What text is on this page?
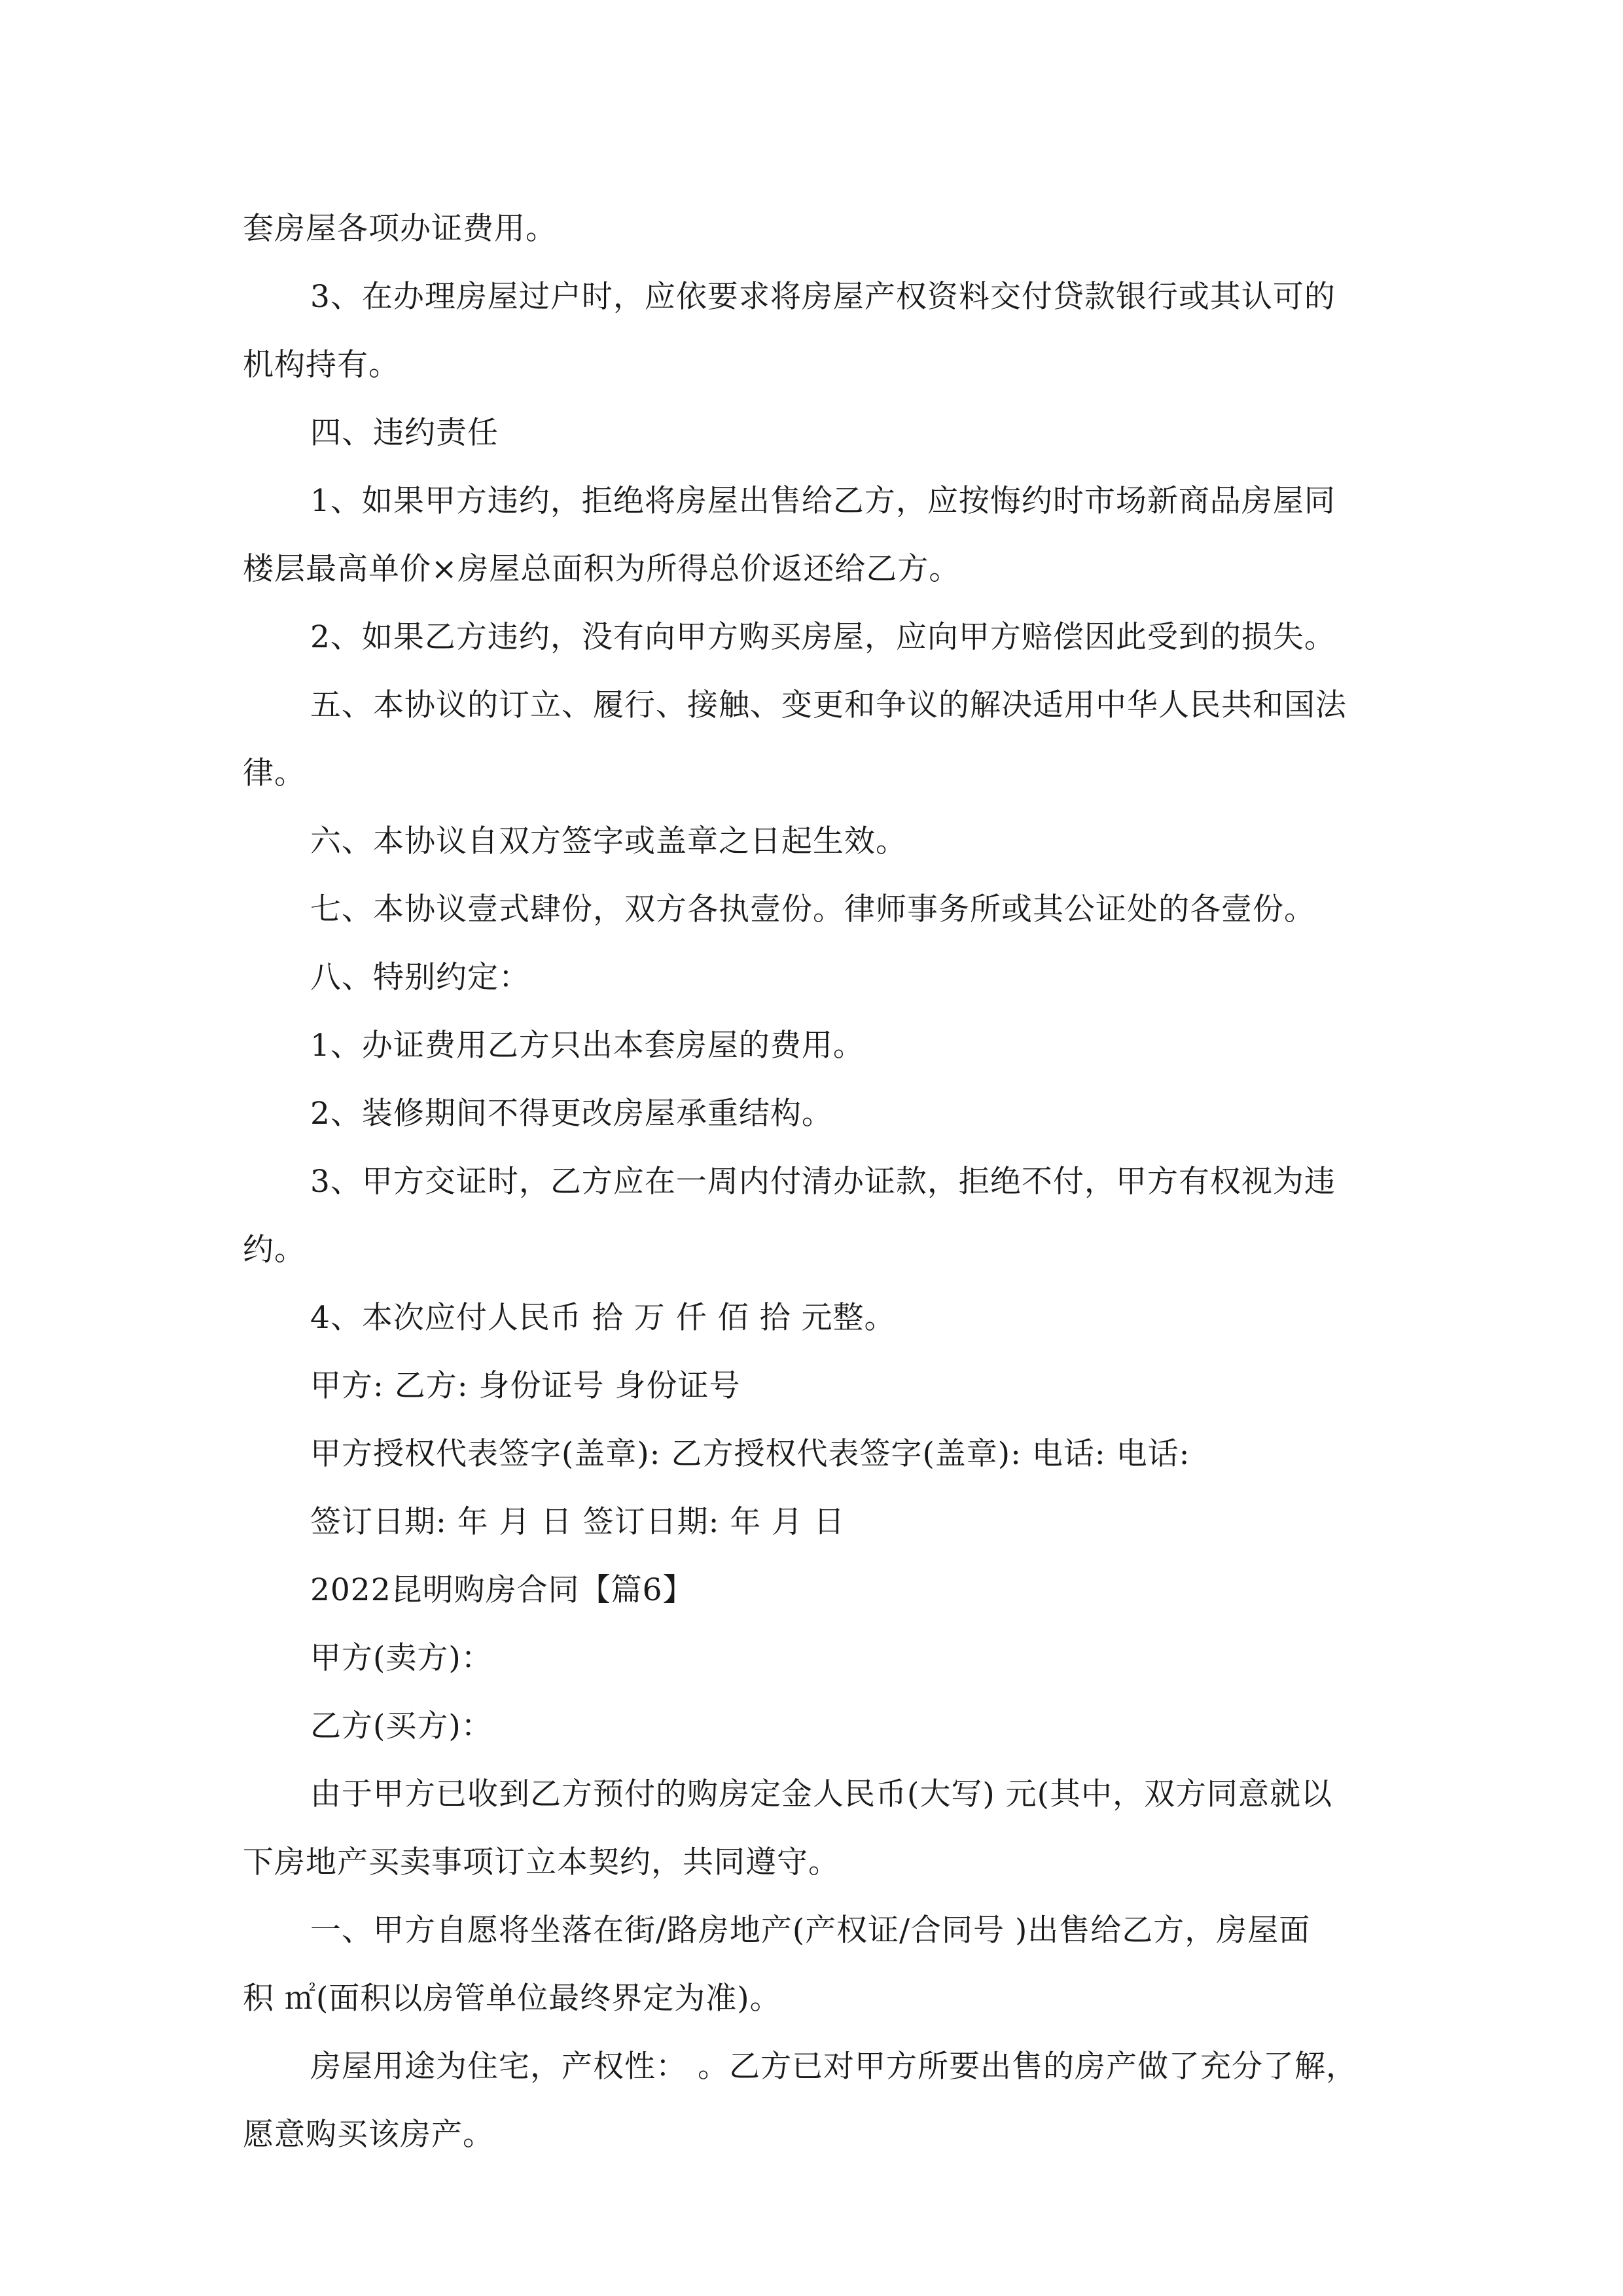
套房屋各项办证费用。
3、在办理房屋过户时，应依要求将房屋产权资料交付贷款银行或其认可的
机构持有。
四、违约责任
1、如果甲方违约，拒绝将房屋出售给乙方，应按悔约时市场新商品房屋同
楼层最高单价×房屋总面积为所得总价返还给乙方。
2、如果乙方违约，没有向甲方购买房屋，应向甲方赔偿因此受到的损失。
五、本协议的订立、履行、接触、变更和争议的解决适用中华人民共和国法
律。
六、本协议自双方签字或盖章之日起生效。
七、本协议壹式肆份，双方各执壹份。律师事务所或其公证处的各壹份。
八、特别约定：
1、办证费用乙方只出本套房屋的费用。
2、装修期间不得更改房屋承重结构。
3、甲方交证时，乙方应在一周内付清办证款，拒绝不付，甲方有权视为违
约。
4、本次应付人民币 拾 万 仟 佰 拾 元整。
甲方: 乙方: 身份证号 身份证号
甲方授权代表签字(盖章): 乙方授权代表签字(盖章): 电话: 电话:
签订日期: 年 月 日 签订日期: 年 月 日
2022昆明购房合同【篇6】
甲方(卖方)：
乙方(买方)：
由于甲方已收到乙方预付的购房定金人民币(大写) 元(其中，双方同意就以
下房地产买卖事项订立本契约，共同遵守。
一、甲方自愿将坐落在街/路房地产(产权证/合同号 )出售给乙方，房屋面
积 ㎡(面积以房管单位最终界定为准)。
房屋用途为住宅，产权性： 。乙方已对甲方所要出售的房产做了充分了解，
愿意购买该房产。
